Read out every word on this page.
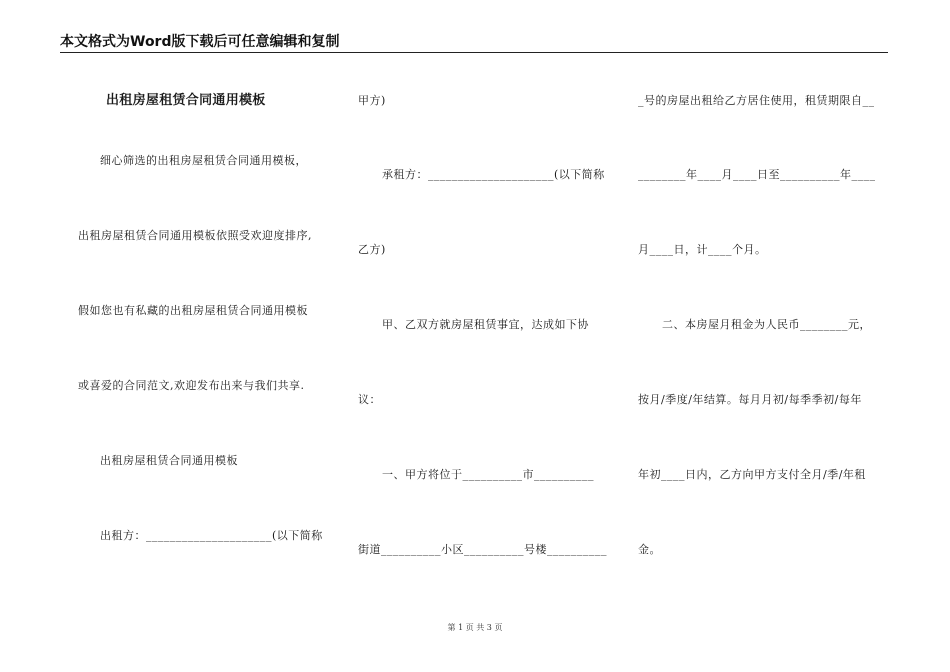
本文格式为Word版下载后可任意编辑和复制
出租房屋租赁合同通用模板
细心筛选的出租房屋租赁合同通用模板，
出租房屋租赁合同通用模板依照受欢迎度排序,
假如您也有私藏的出租房屋租赁合同通用模板
或喜爱的合同范文,欢迎发布出来与我们共享.
出租房屋租赁合同通用模板
出租方：_____________________(以下简称
甲方)
承租方：_____________________(以下简称
乙方)
甲、乙双方就房屋租赁事宜，达成如下协
议：
一、甲方将位于__________市__________
街道__________小区__________号楼__________
_号的房屋出租给乙方居住使用，租赁期限自__
________年____月____日至__________年____
月____日，计____个月。
二、本房屋月租金为人民币________元，
按月/季度/年结算。每月月初/每季季初/每年
年初____日内，乙方向甲方支付全月/季/年租
金。
第 1 页 共 3 页
